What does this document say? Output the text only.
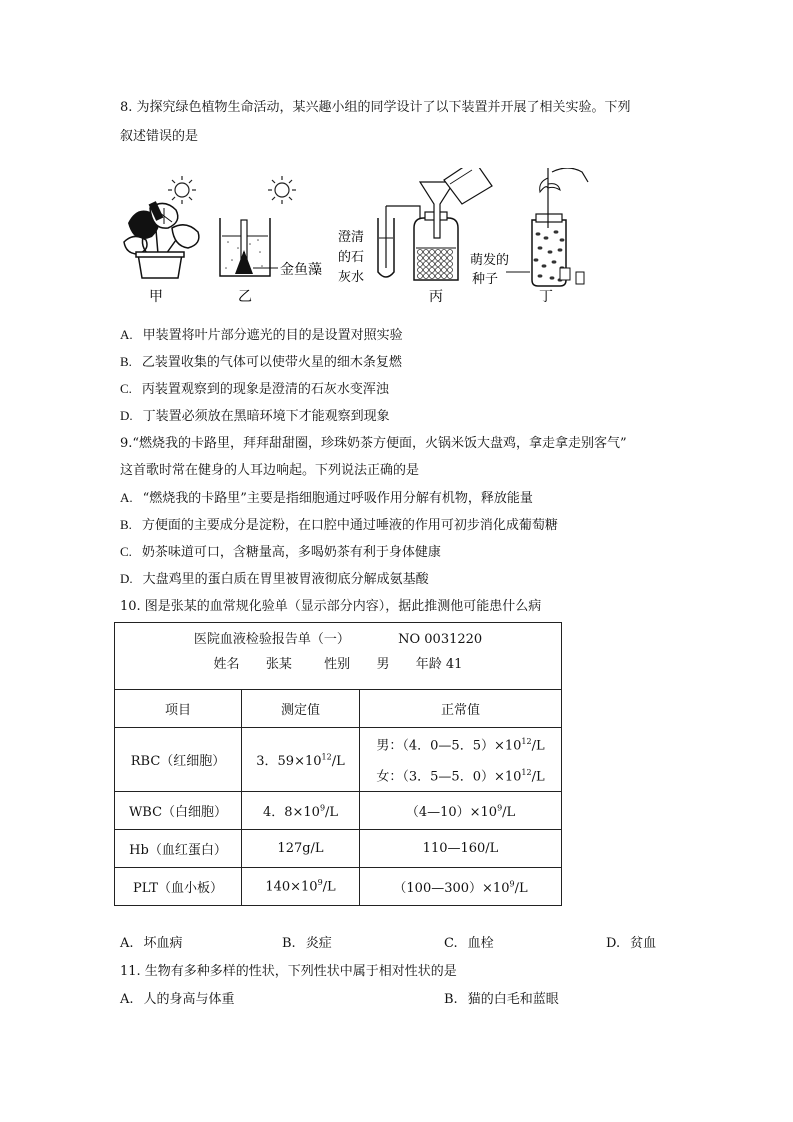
8. 为探究绿色植物生命活动，某兴趣小组的同学设计了以下装置并开展了相关实验。下列
叙述错误的是
甲
金鱼藻
乙
澄清
的石
灰水
丙
萌发的
种子
丁
A. 甲装置将叶片部分遮光的目的是设置对照实验
B. 乙装置收集的气体可以使带火星的细木条复燃
C. 丙装置观察到的现象是澄清的石灰水变浑浊
D. 丁装置必须放在黑暗环境下才能观察到现象
9.“燃烧我的卡路里，拜拜甜甜圈，珍珠奶茶方便面，火锅米饭大盘鸡，拿走拿走别客气”
这首歌时常在健身的人耳边响起。下列说法正确的是
A. “燃烧我的卡路里”主要是指细胞通过呼吸作用分解有机物，释放能量
B. 方便面的主要成分是淀粉，在口腔中通过唾液的作用可初步消化成葡萄糖
C. 奶茶味道可口，含糖量高，多喝奶茶有利于身体健康
D. 大盘鸡里的蛋白质在胃里被胃液彻底分解成氨基酸
10. 图是张某的血常规化验单（显示部分内容），据此推测他可能患什么病
医院血液检验报告单（一） NO 0031220		
姓名 张某 性别 男 年龄 41		
项目	测定值	正常值
RBC（红细胞）	3．$59\times 10^{12}/L$	男：（4．0—5．$5)\times 10^{12}/L$
女：（3．5—5．$0)\times 10^{12}/L$

WBC（白细胞）	4．$8\times 10^9/L$	$(4—10)\times 10^9/L$
Hb（血红蛋白）	127g/L	110—160/L
PLT（血小板）	$140\times 10^9/L$	$(100—300)\times 10^9/L$
A. 坏血病	B. 炎症	C. 血栓	D. 贫血
11. 生物有多种多样的性状，下列性状中属于相对性状的是
A. 人的身高与体重	B. 猫的白毛和蓝眼
